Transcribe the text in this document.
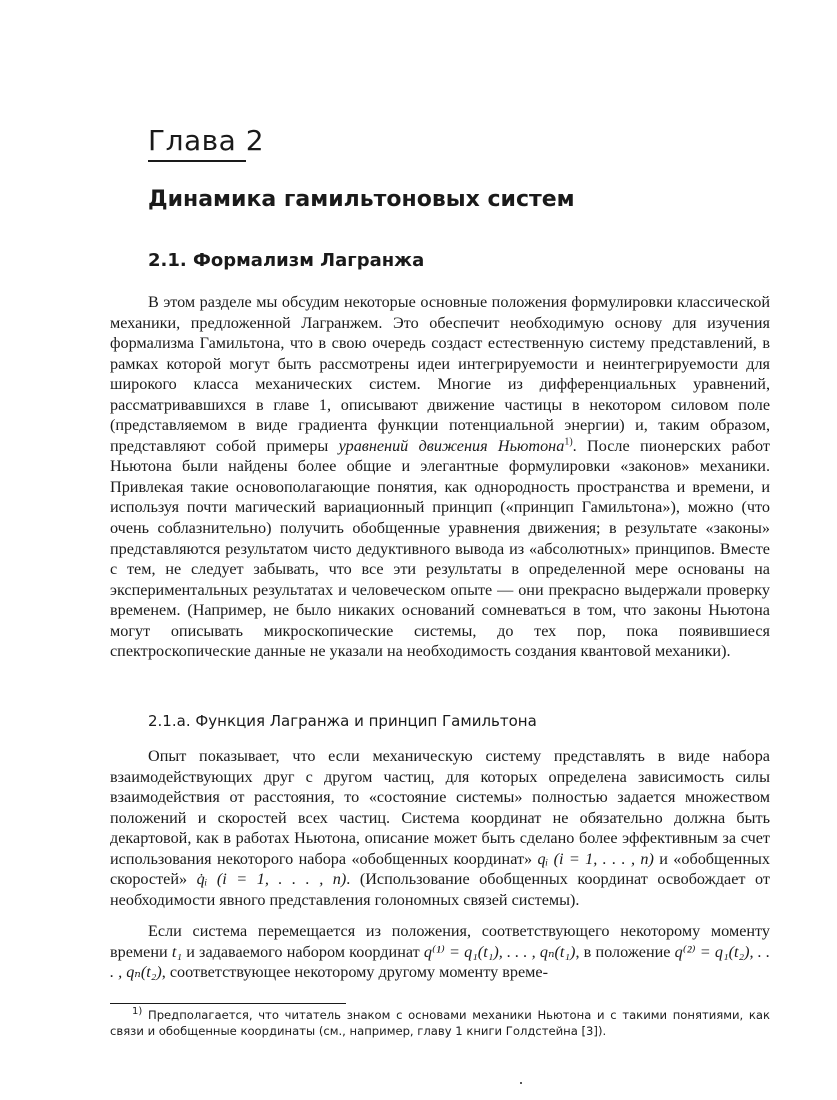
Глава 2
Динамика гамильтоновых систем
2.1. Формализм Лагранжа

В этом разделе мы обсудим некоторые основные положения формулировки классической механики, предложенной Лагранжем. Это обеспечит необходимую основу для изучения формализма Гамильтона, что в свою очередь создаст естественную систему представлений, в рамках которой могут быть рассмотрены идеи интегрируемости и неинтегрируемости для широкого класса механических систем. Многие из дифференциальных уравнений, рассматривавшихся в главе 1, описывают движение частицы в некотором силовом поле (представляемом в виде градиента функции потенциальной энергии) и, таким образом, представляют собой примеры уравнений движения Ньютона$^{1)}$. После пионерских работ Ньютона были найдены более общие и элегантные формулировки «законов» механики. Привлекая такие основополагающие понятия, как однородность пространства и времени, и используя почти магический вариационный принцип («принцип Гамильтона»), можно (что очень соблазнительно) получить обобщенные уравнения движения; в результате «законы» представляются результатом чисто дедуктивного вывода из «абсолютных» принципов. Вместе с тем, не следует забывать, что все эти результаты в определенной мере основаны на экспериментальных результатах и человеческом опыте — они прекрасно выдержали проверку временем. (Например, не было никаких оснований сомневаться в том, что законы Ньютона могут описывать микроскопические системы, до тех пор, пока появившиеся спектроскопические данные не указали на необходимость создания квантовой механики).

2.1.a. Функция Лагранжа и принцип Гамильтона

Опыт показывает, что если механическую систему представлять в виде набора взаимодействующих друг с другом частиц, для которых определена зависимость силы взаимодействия от расстояния, то «состояние системы» полностью задается множеством положений и скоростей всех частиц. Система координат не обязательно должна быть декартовой, как в работах Ньютона, описание может быть сделано более эффективным за счет использования некоторого набора «обобщенных координат» qᵢ (i = 1, . . . , n) и «обобщенных скоростей» q̇ᵢ (i = 1, . . . , n). (Использование обобщенных координат освобождает от необходимости явного представления голономных связей системы).

Если система перемещается из положения, соответствующего некоторому моменту времени t₁ и задаваемого набором координат q⁽¹⁾ = q₁(t₁), . . . , qₙ(t₁), в положение q⁽²⁾ = q₁(t₂), . . . , qₙ(t₂), соответствующее некоторому другому моменту време-

1) Предполагается, что читатель знаком с основами механики Ньютона и с такими понятиями, как связи и обобщенные координаты (см., например, главу 1 книги Голдстейна [3]).
